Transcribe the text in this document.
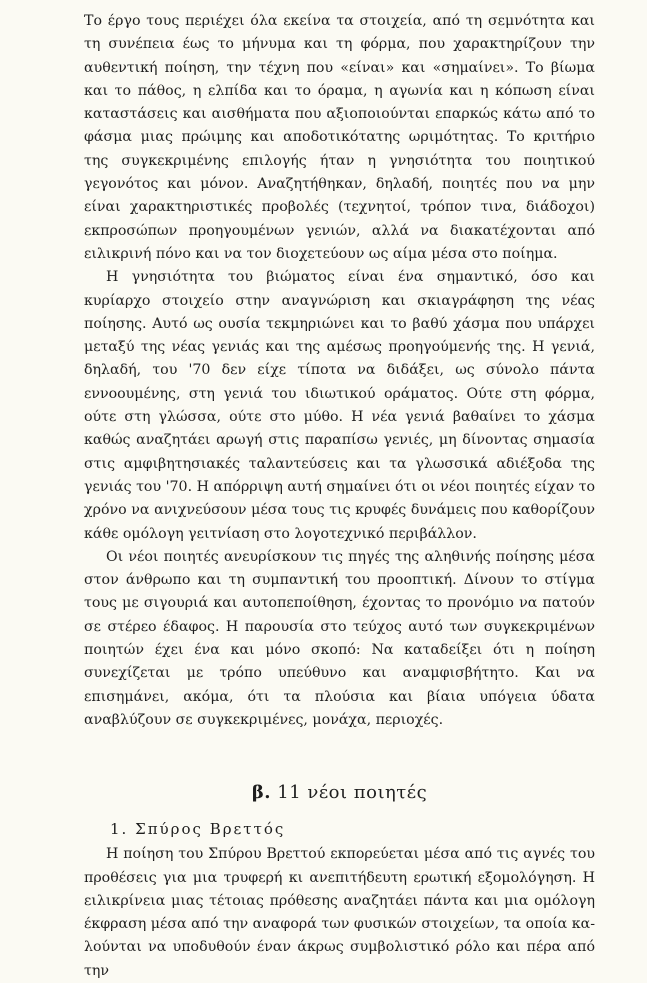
Το έργο τους περιέχει όλα εκείνα τα στοιχεία, από τη σεμνότητα και τη συνέπεια έως το μήνυμα και τη φόρμα, που χαρακτηρίζουν την αυθεντική ποίηση, την τέχνη που «είναι» και «σημαίνει». Το βίωμα και το πάθος, η ελπίδα και το όραμα, η αγωνία και η κόπωση είναι καταστάσεις και αισθήματα που αξιοποιούνται επαρκώς κάτω από το φάσμα μιας πρώιμης και αποδοτικότατης ωριμότητας. Το κριτήριο της συγκεκριμένης επιλογής ήταν η γνησιότητα του ποιητικού γεγονότος και μόνον. Αναζητήθηκαν, δηλαδή, ποιητές που να μην είναι χαρακτηριστικές προβολές (τεχνητοί, τρόπον τινα, διάδοχοι) εκπροσώπων προηγουμένων γενιών, αλλά να διακατέχονται από ειλικρινή πόνο και να τον διοχετεύουν ως αίμα μέσα στο ποίημα.

Η γνησιότητα του βιώματος είναι ένα σημαντικό, όσο και κυρίαρχο στοιχείο στην αναγνώριση και σκιαγράφηση της νέας ποίησης. Αυτό ως ουσία τεκμηριώνει και το βαθύ χάσμα που υπάρχει μεταξύ της νέας γενιάς και της αμέσως προηγούμενής της. Η γενιά, δηλαδή, του '70 δεν είχε τίποτα να διδάξει, ως σύνολο πάντα εννοουμένης, στη γενιά του ιδιωτικού οράματος. Ούτε στη φόρμα, ούτε στη γλώσσα, ούτε στο μύθο. Η νέα γενιά βαθαίνει το χάσμα καθώς αναζητάει αρωγή στις παραπίσω γενιές, μη δίνοντας σημασία στις αμφιβητησιακές ταλαντεύσεις και τα γλωσσικά αδιέξοδα της γενιάς του '70. Η απόρριψη αυτή σημαίνει ότι οι νέοι ποιητές είχαν το χρόνο να ανιχνεύσουν μέσα τους τις κρυφές δυνάμεις που καθορίζουν κάθε ομόλογη γειτνίαση στο λογοτεχνικό περιβάλλον.

Οι νέοι ποιητές ανευρίσκουν τις πηγές της αληθινής ποίησης μέσα στον άνθρωπο και τη συμπαντική του προοπτική. Δίνουν το στίγμα τους με σιγουριά και αυτοπεποίθηση, έχοντας το προνόμιο να πατούν σε στέρεο έδαφος. Η παρουσία στο τεύχος αυτό των συγκεκριμένων ποιητών έχει ένα και μόνο σκοπό: Να καταδείξει ότι η ποίηση συνεχίζεται με τρόπο υπεύθυνο και αναμφισβήτητο. Και να επισημάνει, ακόμα, ότι τα πλούσια και βίαια υπόγεια ύδατα αναβλύζουν σε συγκεκριμένες, μονάχα, περιοχές.

β. 11 νέοι ποιητές
1. Σπύρος Βρεττός

Η ποίηση του Σπύρου Βρεττού εκπορεύεται μέσα από τις αγνές του προθέσεις για μια τρυφερή κι ανεπιτήδευτη ερωτική εξομολόγηση. Η ειλικρίνεια μιας τέτοιας πρόθεσης αναζητάει πάντα και μια ομόλογη έκφραση μέσα από την αναφορά των φυσικών στοιχείων, τα οποία καλούνται να υποδυθούν έναν άκρως συμβολιστικό ρόλο και πέρα από την
